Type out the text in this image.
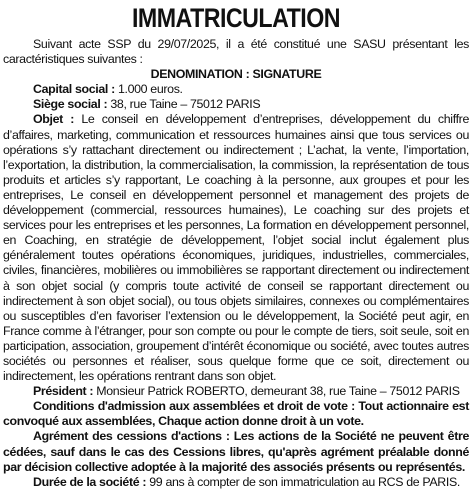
IMMATRICULATION

Suivant acte SSP du 29/07/2025, il a été constitué une SASU présentant les caractéristiques suivantes :

DENOMINATION : SIGNATURE

Capital social : 1.000 euros.

Siège social : 38, rue Taine – 75012 PARIS

Objet : Le conseil en développement d’entreprises, développement du chiffre d’affaires, marketing, communication et ressources humaines ainsi que tous services ou opérations s’y rattachant directement ou indirectement ; L’achat, la vente, l’importation, l’exportation, la distribution, la commercialisation, la commission, la représentation de tous produits et articles s’y rapportant, Le coaching à la personne, aux groupes et pour les entreprises, Le conseil en développement personnel et management des projets de développement (commercial, ressources humaines), Le coaching sur des projets et services pour les entreprises et les personnes, La formation en développement personnel, en Coaching, en stratégie de développement, l’objet social inclut également plus généralement toutes opérations économiques, juridiques, industrielles, commerciales, civiles, financières, mobilières ou immobilières se rapportant directement ou indirectement à son objet social (y compris toute activité de conseil se rapportant directement ou indirectement à son objet social), ou tous objets similaires, connexes ou complémentaires ou susceptibles d’en favoriser l’extension ou le développement, la Société peut agir, en France comme à l’étranger, pour son compte ou pour le compte de tiers, soit seule, soit en participation, association, groupement d’intérêt économique ou société, avec toutes autres sociétés ou personnes et réaliser, sous quelque forme que ce soit, directement ou indirectement, les opérations rentrant dans son objet.

Président : Monsieur Patrick ROBERTO, demeurant 38, rue Taine – 75012 PARIS

Conditions d'admission aux assemblées et droit de vote : Tout actionnaire est convoqué aux assemblées, Chaque action donne droit à un vote.

Agrément des cessions d'actions : Les actions de la Société ne peuvent être cédées, sauf dans le cas des Cessions libres, qu'après agrément préalable donné par décision collective adoptée à la majorité des associés présents ou représentés.

Durée de la société : 99 ans à compter de son immatriculation au RCS de PARIS.
